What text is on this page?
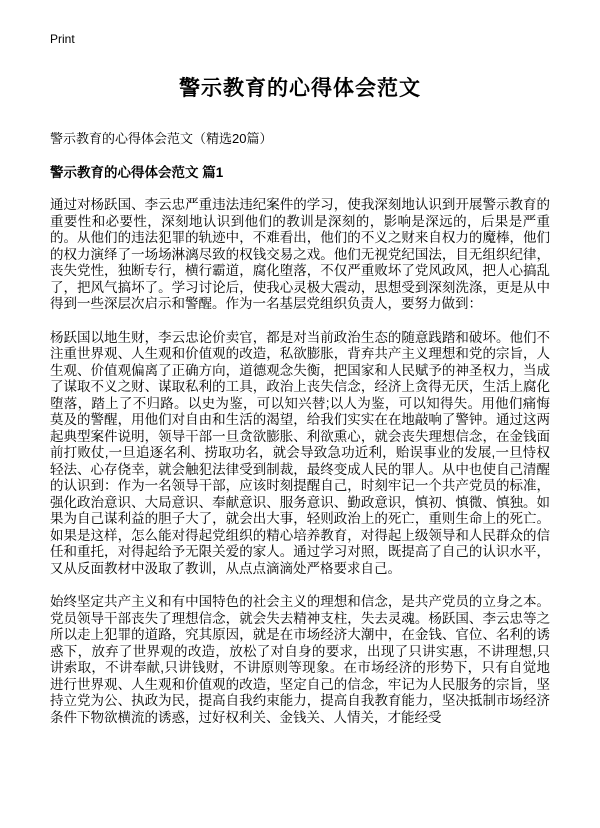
Print
警示教育的心得体会范文

警示教育的心得体会范文（精选20篇）

警示教育的心得体会范文 篇1

通过对杨跃国、李云忠严重违法违纪案件的学习，使我深刻地认识到开展警示教育的重要性和必要性，深刻地认识到他们的教训是深刻的，影响是深远的，后果是严重的。从他们的违法犯罪的轨迹中，不难看出，他们的不义之财来自权力的魔棒，他们的权力演绎了一场场淋漓尽致的权钱交易之戏。他们无视党纪国法，目无组织纪律，丧失党性，独断专行，横行霸道，腐化堕落，不仅严重败坏了党风政风，把人心搞乱了，把风气搞坏了。学习讨论后，使我心灵极大震动，思想受到深刻洗涤，更是从中得到一些深层次启示和警醒。作为一名基层党组织负责人，要努力做到：

杨跃国以地生财，李云忠论价卖官，都是对当前政治生态的随意践踏和破坏。他们不注重世界观、人生观和价值观的改造，私欲膨胀，背弃共产主义理想和党的宗旨，人生观、价值观偏离了正确方向，道德观念失衡，把国家和人民赋予的神圣权力，当成了谋取不义之财、谋取私利的工具，政治上丧失信念，经济上贪得无厌，生活上腐化堕落，踏上了不归路。以史为鉴，可以知兴替;以人为鉴，可以知得失。用他们痛悔莫及的警醒，用他们对自由和生活的渴望，给我们实实在在地敲响了警钟。通过这两起典型案件说明，领导干部一旦贪欲膨胀、利欲熏心，就会丧失理想信念，在金钱面前打败仗,一旦追逐名利、捞取功名，就会导致急功近利，贻误事业的发展,一旦恃权轻法、心存侥幸，就会触犯法律受到制裁，最终变成人民的罪人。从中也使自己清醒的认识到：作为一名领导干部，应该时刻提醒自己，时刻牢记一个共产党员的标准，强化政治意识、大局意识、奉献意识、服务意识、勤政意识，慎初、慎微、慎独。如果为自己谋利益的胆子大了，就会出大事，轻则政治上的死亡，重则生命上的死亡。如果是这样，怎么能对得起党组织的精心培养教育，对得起上级领导和人民群众的信任和重托，对得起给予无限关爱的家人。通过学习对照，既提高了自己的认识水平，又从反面教材中汲取了教训，从点点滴滴处严格要求自己。

始终坚定共产主义和有中国特色的社会主义的理想和信念，是共产党员的立身之本。党员领导干部丧失了理想信念，就会失去精神支柱，失去灵魂。杨跃国、李云忠等之所以走上犯罪的道路，究其原因，就是在市场经济大潮中，在金钱、官位、名利的诱惑下，放弃了世界观的改造，放松了对自身的要求，出现了只讲实惠，不讲理想,只讲索取，不讲奉献,只讲钱财，不讲原则等现象。在市场经济的形势下，只有自觉地进行世界观、人生观和价值观的改造，坚定自己的信念，牢记为人民服务的宗旨，坚持立党为公、执政为民，提高自我约束能力，提高自我教育能力，坚决抵制市场经济条件下物欲横流的诱惑，过好权利关、金钱关、人情关，才能经受
